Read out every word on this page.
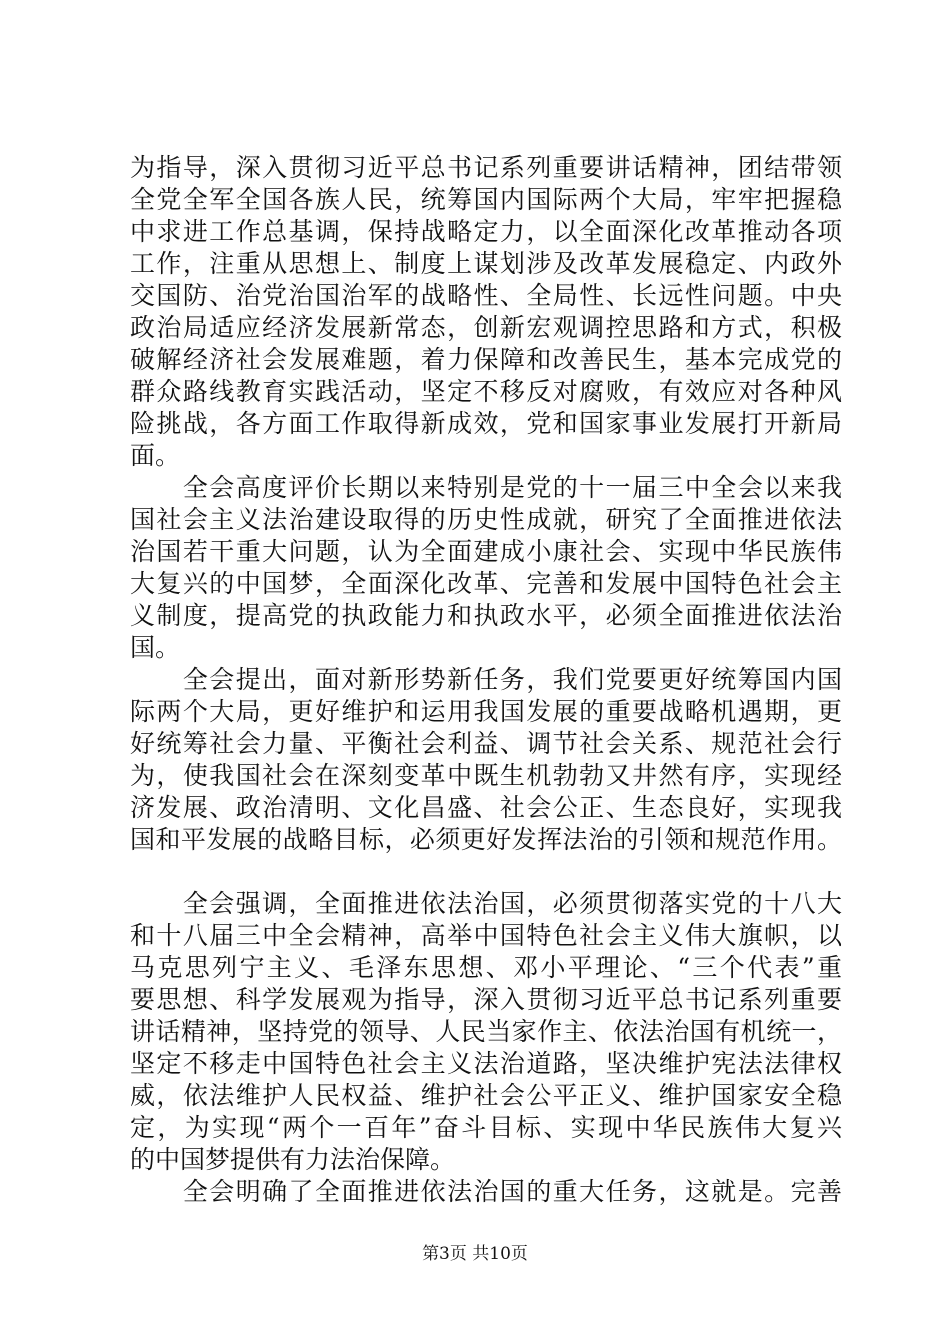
为指导，深入贯彻习近平总书记系列重要讲话精神，团结带领
全党全军全国各族人民，统筹国内国际两个大局，牢牢把握稳
中求进工作总基调，保持战略定力，以全面深化改革推动各项
工作，注重从思想上、制度上谋划涉及改革发展稳定、内政外
交国防、治党治国治军的战略性、全局性、长远性问题。中央
政治局适应经济发展新常态，创新宏观调控思路和方式，积极
破解经济社会发展难题，着力保障和改善民生，基本完成党的
群众路线教育实践活动，坚定不移反对腐败，有效应对各种风
险挑战，各方面工作取得新成效，党和国家事业发展打开新局
面。
　　全会高度评价长期以来特别是党的十一届三中全会以来我
国社会主义法治建设取得的历史性成就，研究了全面推进依法
治国若干重大问题，认为全面建成小康社会、实现中华民族伟
大复兴的中国梦，全面深化改革、完善和发展中国特色社会主
义制度，提高党的执政能力和执政水平，必须全面推进依法治
国。
　　全会提出，面对新形势新任务，我们党要更好统筹国内国
际两个大局，更好维护和运用我国发展的重要战略机遇期，更
好统筹社会力量、平衡社会利益、调节社会关系、规范社会行
为，使我国社会在深刻变革中既生机勃勃又井然有序，实现经
济发展、政治清明、文化昌盛、社会公正、生态良好，实现我
国和平发展的战略目标，必须更好发挥法治的引领和规范作用。
　　全会强调，全面推进依法治国，必须贯彻落实党的十八大
和十八届三中全会精神，高举中国特色社会主义伟大旗帜，以
马克思列宁主义、毛泽东思想、邓小平理论、“三个代表”重
要思想、科学发展观为指导，深入贯彻习近平总书记系列重要
讲话精神，坚持党的领导、人民当家作主、依法治国有机统一，
坚定不移走中国特色社会主义法治道路，坚决维护宪法法律权
威，依法维护人民权益、维护社会公平正义、维护国家安全稳
定，为实现“两个一百年”奋斗目标、实现中华民族伟大复兴
的中国梦提供有力法治保障。
　　全会明确了全面推进依法治国的重大任务，这就是。完善
第3页 共10页
